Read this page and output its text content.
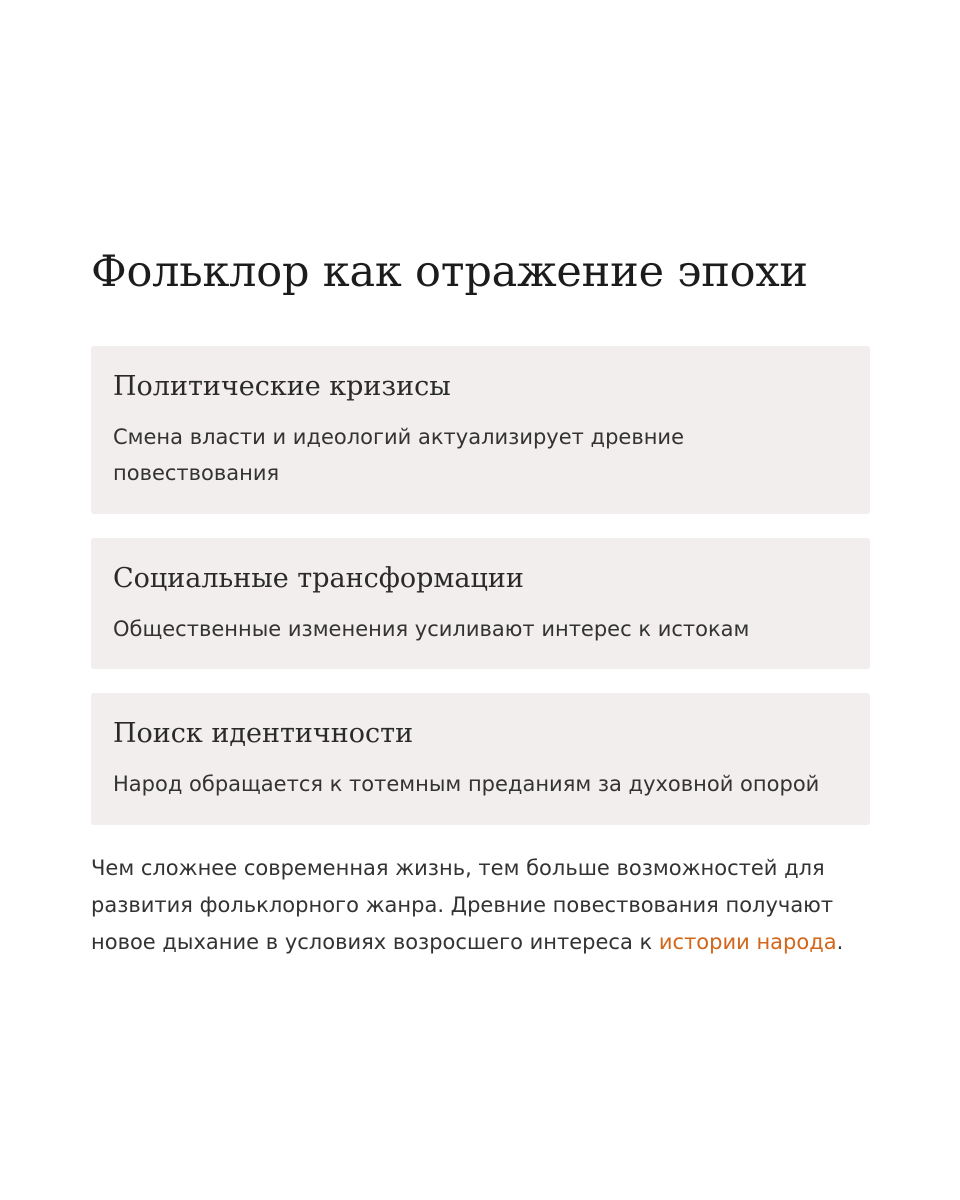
Фольклор как отражение эпохи
Политические кризисы

Смена власти и идеологий актуализирует древние повествования

Социальные трансформации

Общественные изменения усиливают интерес к истокам

Поиск идентичности

Народ обращается к тотемным преданиям за духовной опорой

Чем сложнее современная жизнь, тем больше возможностей для развития фольклорного жанра. Древние повествования получают новое дыхание в условиях возросшего интереса к истории народа.
